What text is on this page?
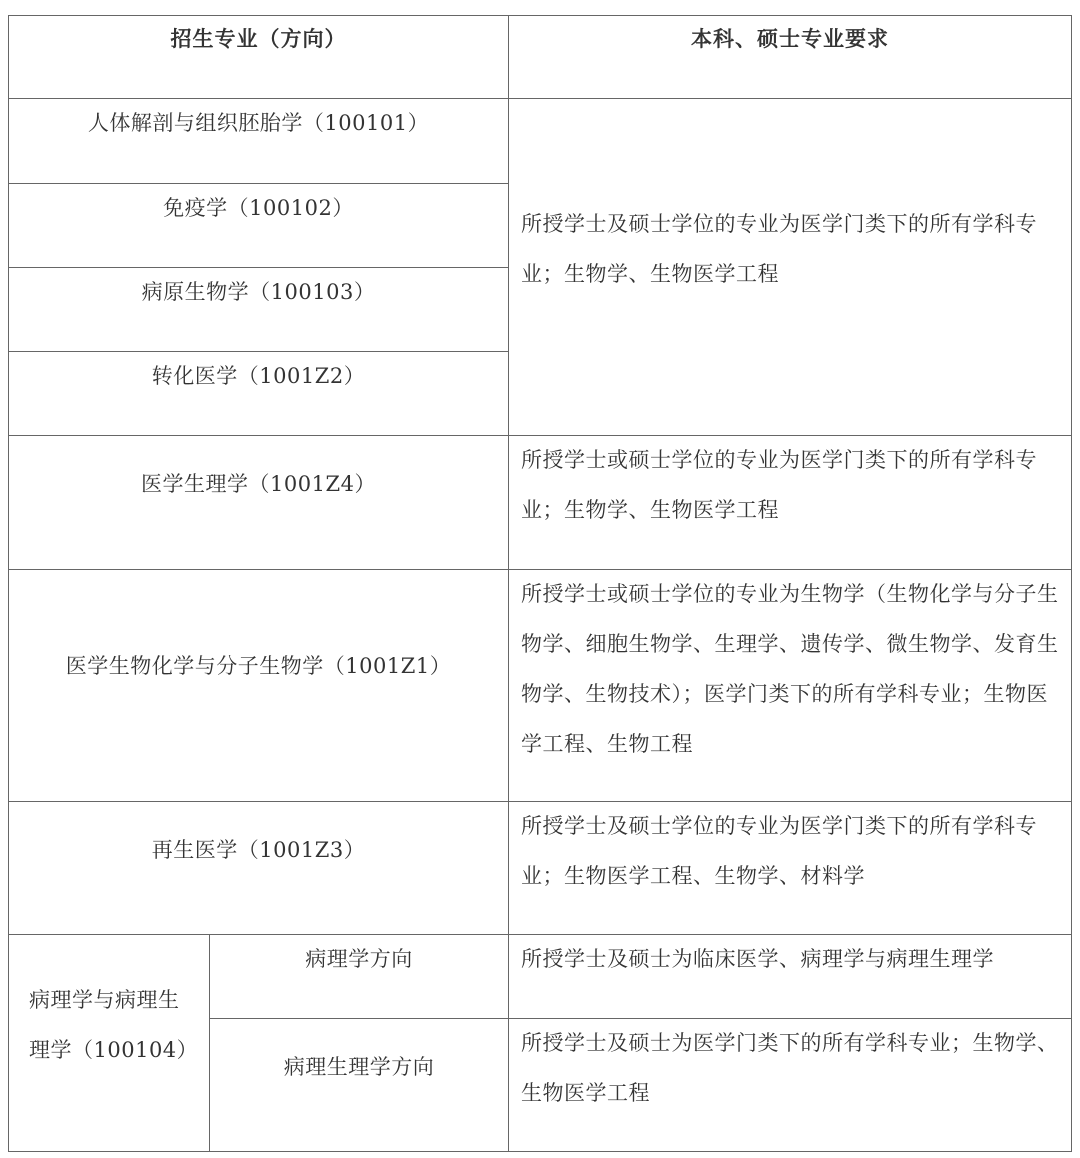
招生专业（方向）	本科、硕士专业要求
人体解剖与组织胚胎学（100101）
免疫学（100102）
病原生物学（100103）
转化医学（1001Z2）
医学生理学（1001Z4）
医学生物化学与分子生物学（1001Z1）
再生医学（1001Z3）
病理学与病理生理学（100104）
病理学方向
病理生理学方向
所授学士及硕士学位的专业为医学门类下的所有学科专业；生物学、生物医学工程
所授学士或硕士学位的专业为医学门类下的所有学科专业；生物学、生物医学工程
所授学士或硕士学位的专业为生物学（生物化学与分子生物学、细胞生物学、生理学、遗传学、微生物学、发育生物学、生物技术）；医学门类下的所有学科专业；生物医学工程、生物工程
所授学士及硕士学位的专业为医学门类下的所有学科专业；生物医学工程、生物学、材料学
所授学士及硕士为临床医学、病理学与病理生理学
所授学士及硕士为医学门类下的所有学科专业；生物学、生物医学工程
